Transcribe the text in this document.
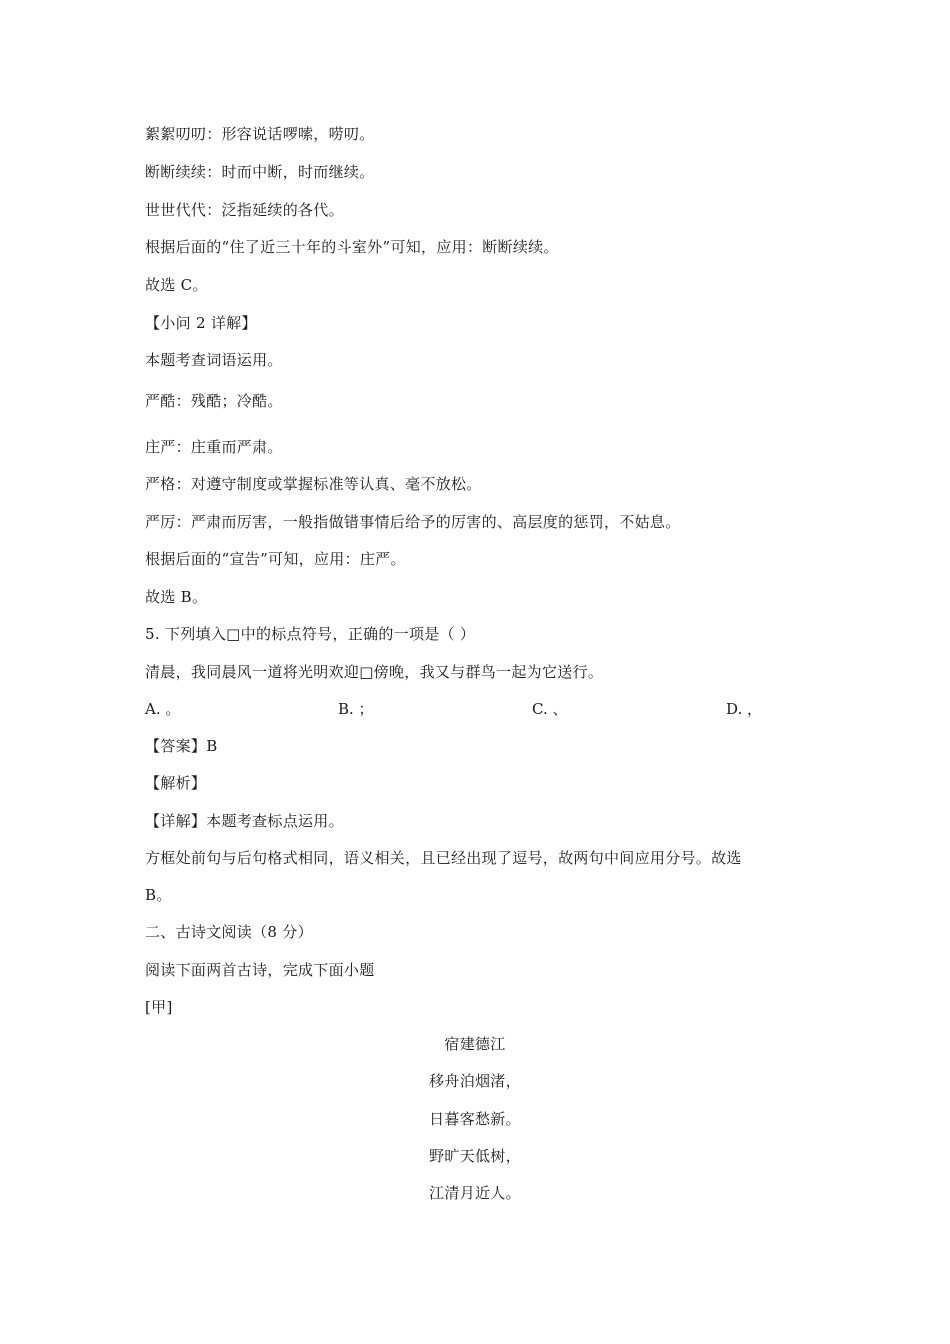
絮絮叨叨：形容说话啰嗦，唠叨。
断断续续：时而中断，时而继续。
世世代代：泛指延续的各代。
根据后面的“住了近三十年的斗室外”可知，应用：断断续续。
故选 C。
【小问 2 详解】
本题考查词语运用。
严酷：残酷；冷酷。
庄严：庄重而严肃。
严格：对遵守制度或掌握标准等认真、毫不放松。
严厉：严肃而厉害，一般指做错事情后给予的厉害的、高层度的惩罚，不姑息。
根据后面的“宣告”可知，应用：庄严。
故选 B。
5. 下列填入□中的标点符号，正确的一项是（ ）
清晨，我同晨风一道将光明欢迎□傍晚，我又与群鸟一起为它送行。
A. 。	B. ；	C. 、	D. ，
【答案】B
【解析】
【详解】本题考查标点运用。
方框处前句与后句格式相同，语义相关，且已经出现了逗号，故两句中间应用分号。故选
B。
二、古诗文阅读（8 分）
阅读下面两首古诗，完成下面小题
[甲]
宿建德江
移舟泊烟渚，
日暮客愁新。
野旷天低树，
江清月近人。
